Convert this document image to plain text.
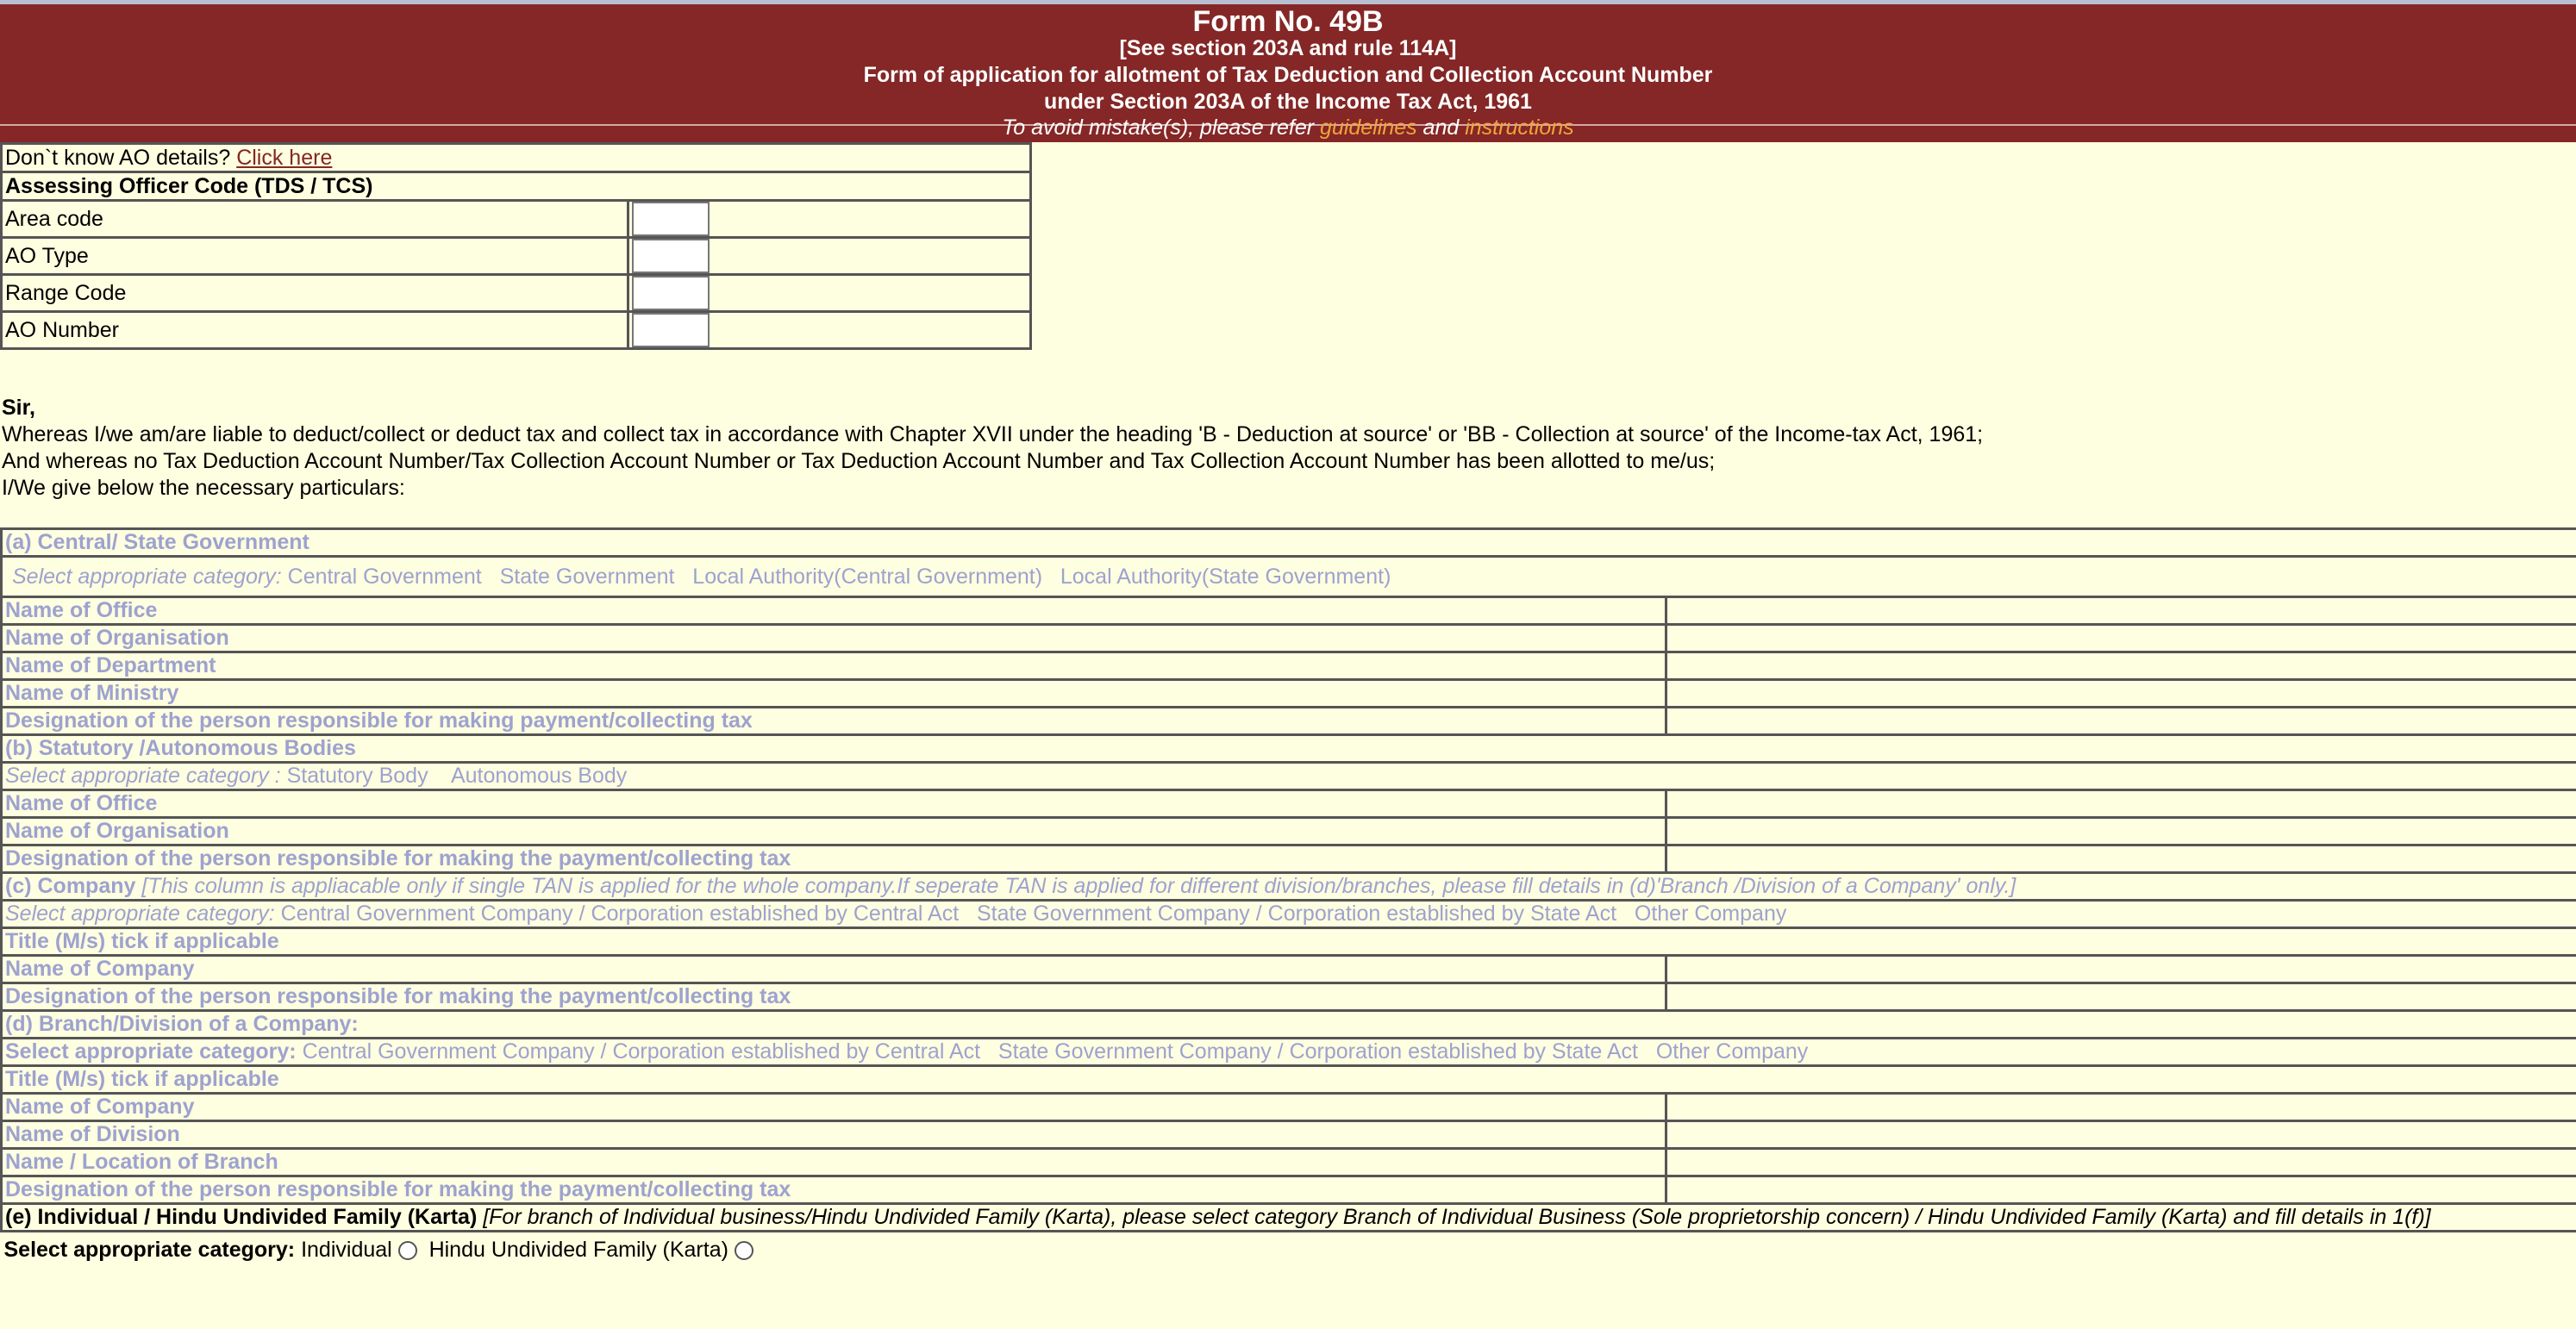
Form No. 49B
[See section 203A and rule 114A]
Form of application for allotment of Tax Deduction and Collection Account Number
under Section 203A of the Income Tax Act, 1961
To avoid mistake(s), please refer guidelines and instructions
Don`t know AO details? Click here	
Assessing Officer Code (TDS / TCS)	
Area code	

AO Type	

Range Code	

AO Number	
Sir,
Whereas I/we am/are liable to deduct/collect or deduct tax and collect tax in accordance with Chapter XVII under the heading 'B - Deduction at source' or 'BB - Collection at source' of the Income-tax Act, 1961;
And whereas no Tax Deduction Account Number/Tax Collection Account Number or Tax Deduction Account Number and Tax Collection Account Number has been allotted to me/us;
I/We give below the necessary particulars:
(a) Central/ State Government	
Select appropriate category: Central Government   State Government   Local Authority(Central Government)   Local Authority(State Government)	
Name of Office	
Name of Organisation	
Name of Department	
Name of Ministry	
Designation of the person responsible for making payment/collecting tax	
(b) Statutory /Autonomous Bodies	
Select appropriate category : Statutory Body    Autonomous Body	
Name of Office	
Name of Organisation	
Designation of the person responsible for making the payment/collecting tax	
(c) Company [This column is appliacable only if single TAN is applied for the whole company.If seperate TAN is applied for different division/branches, please fill details in (d)'Branch /Division of a Company' only.]	
Select appropriate category: Central Government Company / Corporation established by Central Act   State Government Company / Corporation established by State Act   Other Company	
Title (M/s) tick if applicable	
Name of Company	
Designation of the person responsible for making the payment/collecting tax	
(d) Branch/Division of a Company:	
Select appropriate category: Central Government Company / Corporation established by Central Act   State Government Company / Corporation established by State Act   Other Company	
Title (M/s) tick if applicable	
Name of Company	
Name of Division	
Name / Location of Branch	
Designation of the person responsible for making the payment/collecting tax	
(e) Individual / Hindu Undivided Family (Karta) [For branch of Individual business/Hindu Undivided Family (Karta), please select category Branch of Individual Business (Sole proprietorship concern) / Hindu Undivided Family (Karta) and fill details in 1(f)]	
Select appropriate category: Individual Hindu Undivided Family (Karta)	
